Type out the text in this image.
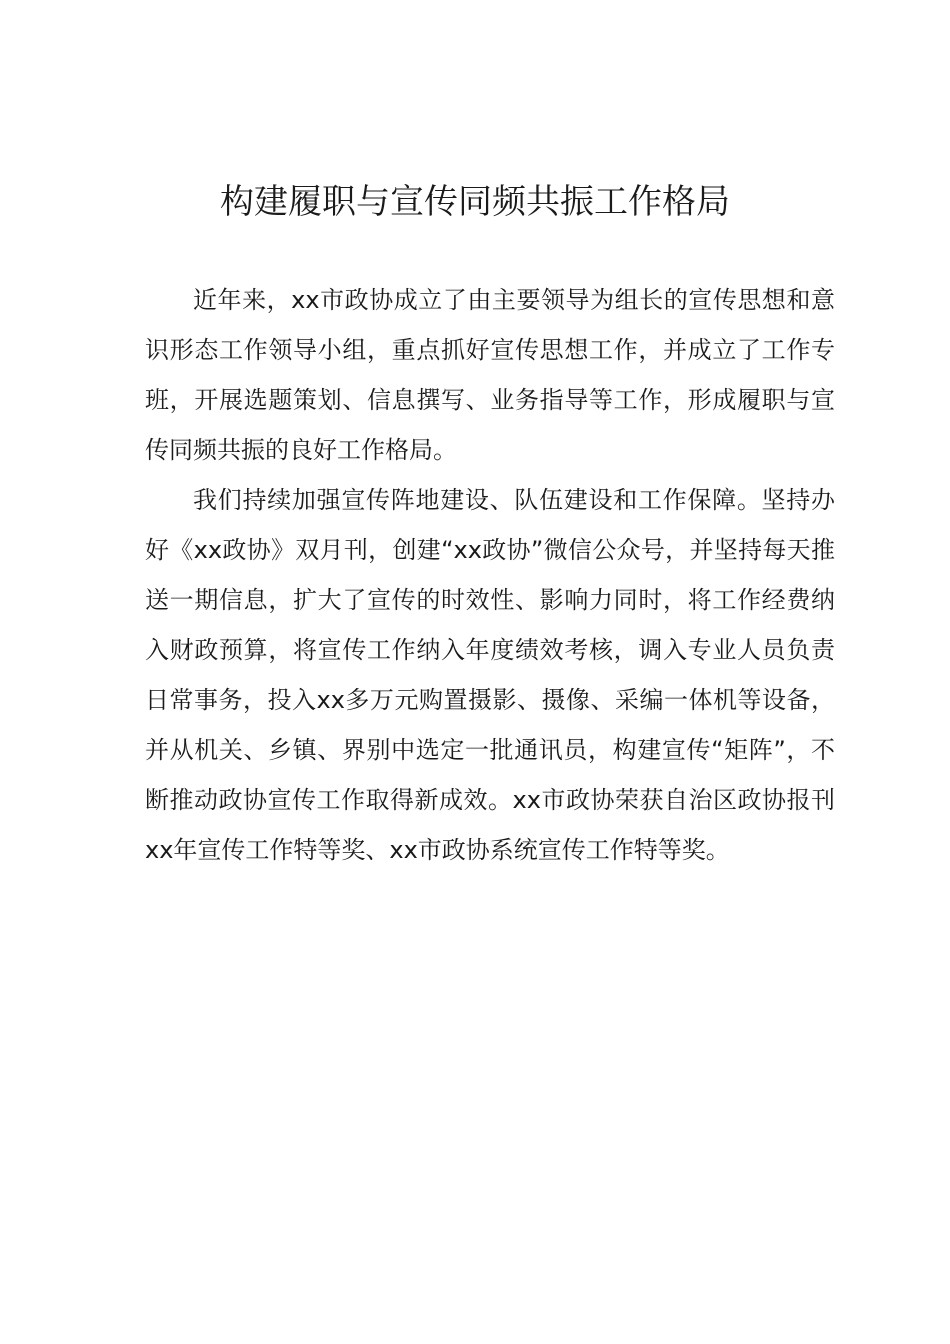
构建履职与宣传同频共振工作格局

近年来，xx市政协成立了由主要领导为组长的宣传思想和意识形态工作领导小组，重点抓好宣传思想工作，并成立了工作专班，开展选题策划、信息撰写、业务指导等工作，形成履职与宣传同频共振的良好工作格局。

我们持续加强宣传阵地建设、队伍建设和工作保障。坚持办好《xx政协》双月刊，创建“xx政协”微信公众号，并坚持每天推送一期信息，扩大了宣传的时效性、影响力同时，将工作经费纳入财政预算，将宣传工作纳入年度绩效考核，调入专业人员负责日常事务，投入xx多万元购置摄影、摄像、采编一体机等设备，并从机关、乡镇、界别中选定一批通讯员，构建宣传“矩阵”，不断推动政协宣传工作取得新成效。xx市政协荣获自治区政协报刊xx年宣传工作特等奖、xx市政协系统宣传工作特等奖。
